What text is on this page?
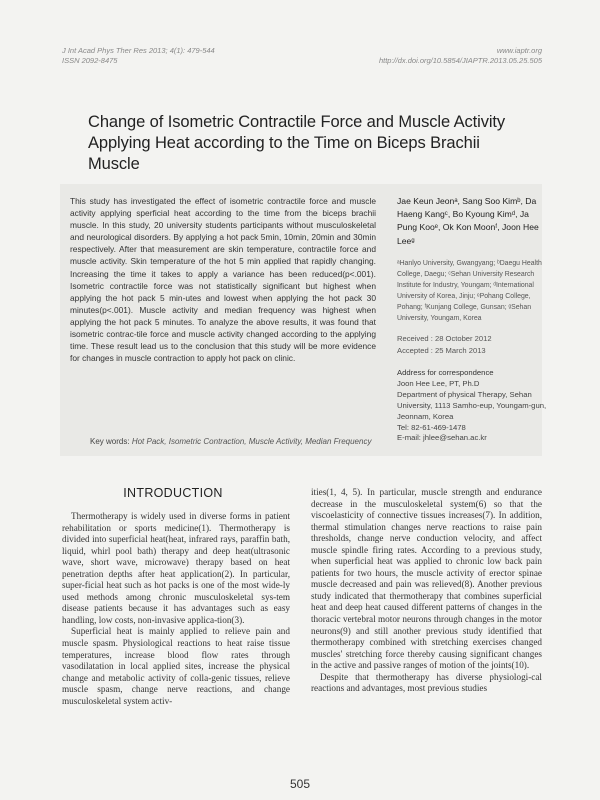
J Int Acad Phys Ther Res 2013; 4(1): 479-544
ISSN 2092-8475
www.iaptr.org
http://dx.doi.org/10.5854/JIAPTR.2013.05.25.505
Change of Isometric Contractile Force and Muscle Activity Applying Heat according to the Time on Biceps Brachii Muscle
This study has investigated the effect of isometric contractile force and muscle activity applying sperficial heat according to the time from the biceps brachii muscle. In this study, 20 university students participants without musculoskeletal and neurological disorders. By applying a hot pack 5min, 10min, 20min and 30min respectively. After that measurement are skin temperature, contractile force and muscle activity. Skin temperature of the hot 5 min applied that rapidly changing. Increasing the time it takes to apply a variance has been reduced(p<.001). Isometric contractile force was not statistically significant but highest when applying the hot pack 5 min-utes and lowest when applying the hot pack 30 minutes(p<.001). Muscle activity and median frequency was highest when applying the hot pack 5 minutes. To analyze the above results, it was found that isometric contrac-tile force and muscle activity changed according to the applying time. These result lead us to the conclusion that this study will be more evidence for changes in muscle contraction to apply hot pack on clinic.
Key words: Hot Pack, Isometric Contraction, Muscle Activity, Median Frequency
Jae Keun Jeonᵃ, Sang Soo Kimᵇ, Da Haeng Kangᶜ, Bo Kyoung Kimᵈ, Ja Pung Kooᵉ, Ok Kon Moonᶠ, Joon Hee Leeᵍ
ᵃHanlyo University, Gwangyang; ᵇDaegu Health College, Daegu; ᶜSehan University Research Institute for Industry, Youngam; ᵈInternational University of Korea, Jinju; ᵉPohang College, Pohang; ᶠKunjang College, Gunsan; ᵍSehan University, Youngam, Korea
Received : 28 October 2012
Accepted : 25 March 2013
Address for correspondence
Joon Hee Lee, PT, Ph.D
Department of physical Therapy, Sehan University, 1113 Samho-eup, Youngam-gun, Jeonnam, Korea
Tel: 82-61-469-1478
E-mail: jhlee@sehan.ac.kr
INTRODUCTION

Thermotherapy is widely used in diverse forms in patient rehabilitation or sports medicine(1). Thermotherapy is divided into superficial heat(heat, infrared rays, paraffin bath, liquid, whirl pool bath) therapy and deep heat(ultrasonic wave, short wave, microwave) therapy based on heat penetration depths after heat application(2). In particular, super-ficial heat such as hot packs is one of the most wide-ly used methods among chronic musculoskeletal sys-tem disease patients because it has advantages such as easy handling, low costs, non-invasive applica-tion(3).

Superficial heat is mainly applied to relieve pain and muscle spasm. Physiological reactions to heat raise tissue temperatures, increase blood flow rates through vasodilatation in local applied sites, increase the physical change and metabolic activity of colla-genic tissues, relieve muscle spasm, change nerve reactions, and change musculoskeletal system activ-

ities(1, 4, 5). In particular, muscle strength and endurance decrease in the musculoskeletal system(6) so that the viscoelasticity of connective tissues increases(7). In addition, thermal stimulation changes nerve reactions to raise pain thresholds, change nerve conduction velocity, and affect muscle spindle firing rates. According to a previous study, when superficial heat was applied to chronic low back pain patients for two hours, the muscle activity of erector spinae muscle decreased and pain was relieved(8). Another previous study indicated that thermotherapy that combines superficial heat and deep heat caused different patterns of changes in the thoracic vertebral motor neurons through changes in the motor neurons(9) and still another previous study identified that thermotherapy combined with stretching exercises changed muscles' stretching force thereby causing significant changes in the active and passive ranges of motion of the joints(10).

Despite that thermotherapy has diverse physiologi-cal reactions and advantages, most previous studies

505
